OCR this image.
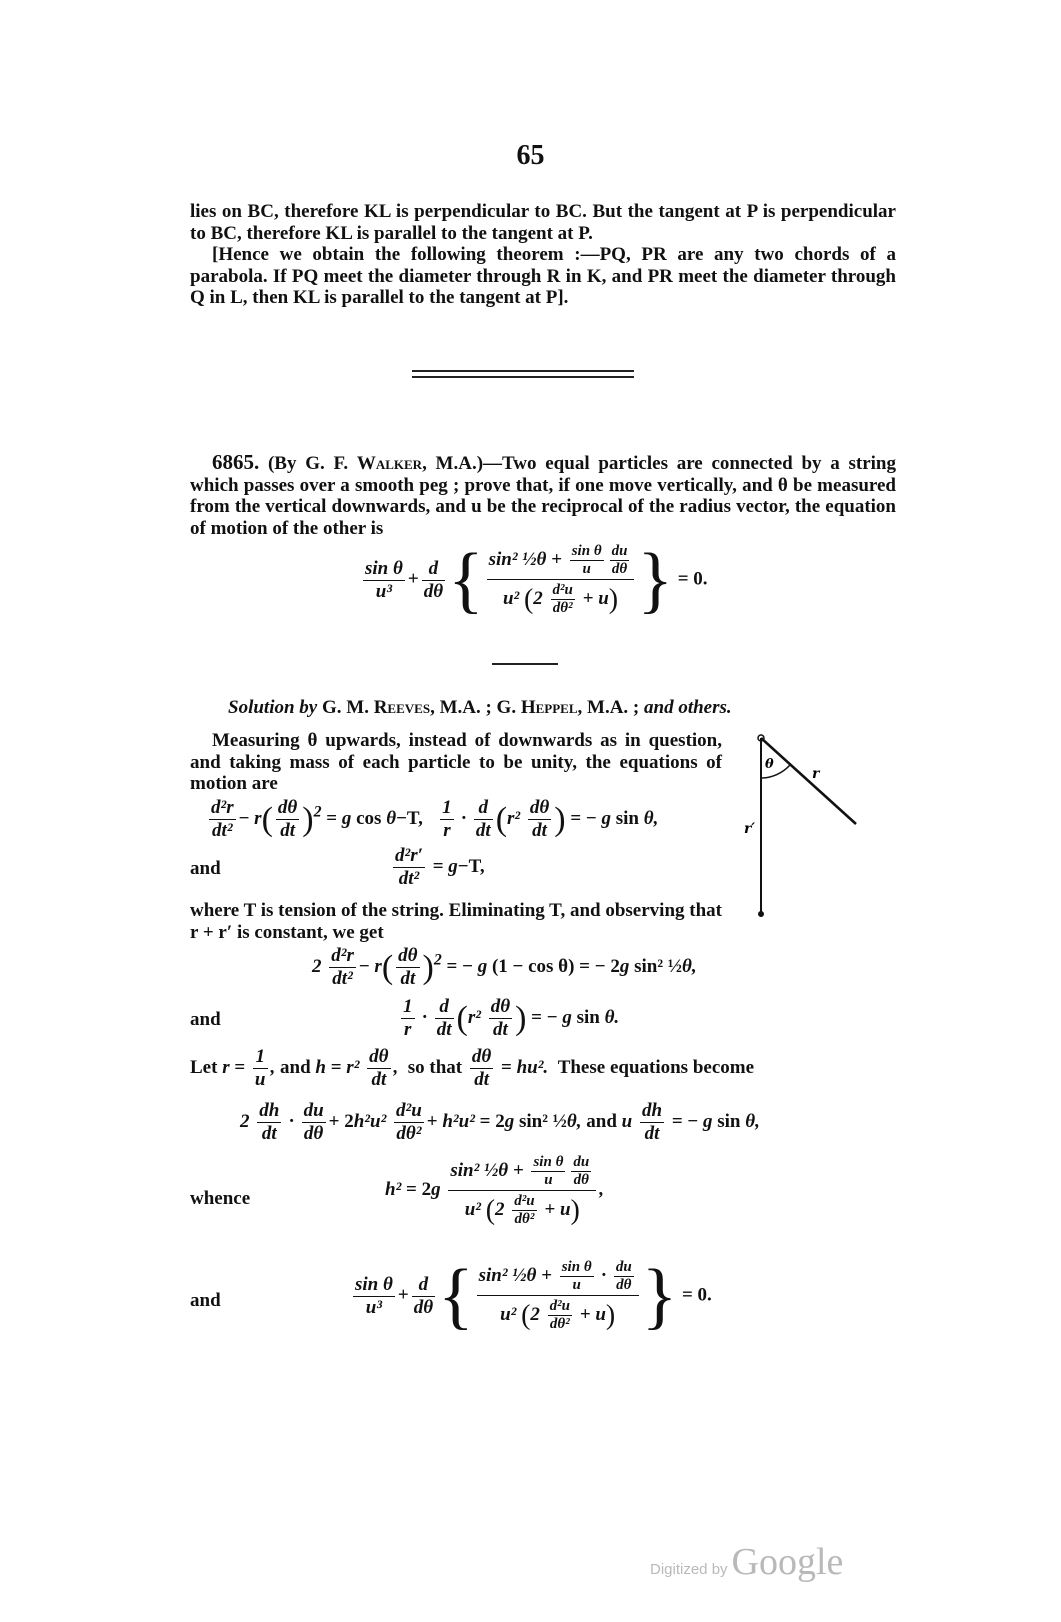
65

lies on BC, therefore KL is perpendicular to BC. But the tangent at P is perpendicular to BC, therefore KL is parallel to the tangent at P.

[Hence we obtain the following theorem :—PQ, PR are any two chords of a parabola. If PQ meet the diameter through R in K, and PR meet the diameter through Q in L, then KL is parallel to the tangent at P].

6865. (By G. F. Walker, M.A.)—Two equal particles are connected by a string which passes over a smooth peg ; prove that, if one move vertically, and θ be measured from the vertical downwards, and u be the reciprocal of the radius vector, the equation of motion of the other is

$\frac{\text{sin θ}}{\text{u³}} + \frac{d}{d\theta}$ { $\frac{\sin^2 \frac{1}{2}\theta + \frac{\text{sin θ}}{u} \frac{du}{d\theta}}{u^2 (2 \frac{\text{d²u}}{\text{dθ²}} + u)}$ } = 0.
Solution by G. M. Reeves, M.A. ; G. Heppel, M.A. ; and others.

Measuring θ upwards, instead of downwards as in question, and taking mass of each particle to be unity, the equations of motion are

θ
r
r′
$\frac{\text{d²r}}{\text{dt²}} - r( \frac{d\theta}{dt} )^2 = g$ cos θ−T, $\frac{1}{r} \cdot \frac{d}{dt} (r^2 \frac{d\theta}{dt}$ ) = − g sin θ,
and	$\frac{\text{d²r′}}{\text{dt²}} = g-T$,

where T is tension of the string. Eliminating T, and observing that r + r′ is constant, we get

$2 \frac{\text{d²r}}{\text{dt²}} - r( \frac{d\theta}{dt} )^2$ = − g (1 − cos θ) = − 2g sin² ½θ,
and	$\frac{1}{r} \cdot \frac{d}{dt} (r^2 \frac{d\theta}{dt}$ ) = − g sin θ.
Let $r = \frac{1}{u}$ , and $h = r^2 \frac{d\theta}{dt}$ ,  so that $\frac{d\theta}{dt} = hu^2$.  These equations become
$2 \frac{dh}{dt} \cdot \frac{du}{d\theta} + 2h^2u^2 \frac{\text{d²u}}{\text{dθ²}} + h^2u^2 = 2g$ sin² ½θ, and u $\frac{dh}{dt}$ = − g sin θ,
whence	$h^2 = 2g \frac{\sin^2 \frac{1}{2}\theta + \frac{\text{sin θ}}{u} \frac{du}{d\theta}}{u^2 (2 \frac{\text{d²u}}{\text{dθ²}} + u)}$ ,
and	$\frac{\text{sin θ}}{\text{u³}} + \frac{d}{d\theta}$ { $\frac{\sin^2 \frac{1}{2}\theta + \frac{\text{sin θ}}{u} \cdot \frac{du}{d\theta}}{u^2 (2 \frac{\text{d²u}}{\text{dθ²}} + u)}$ } = 0.
Digitized by Google
